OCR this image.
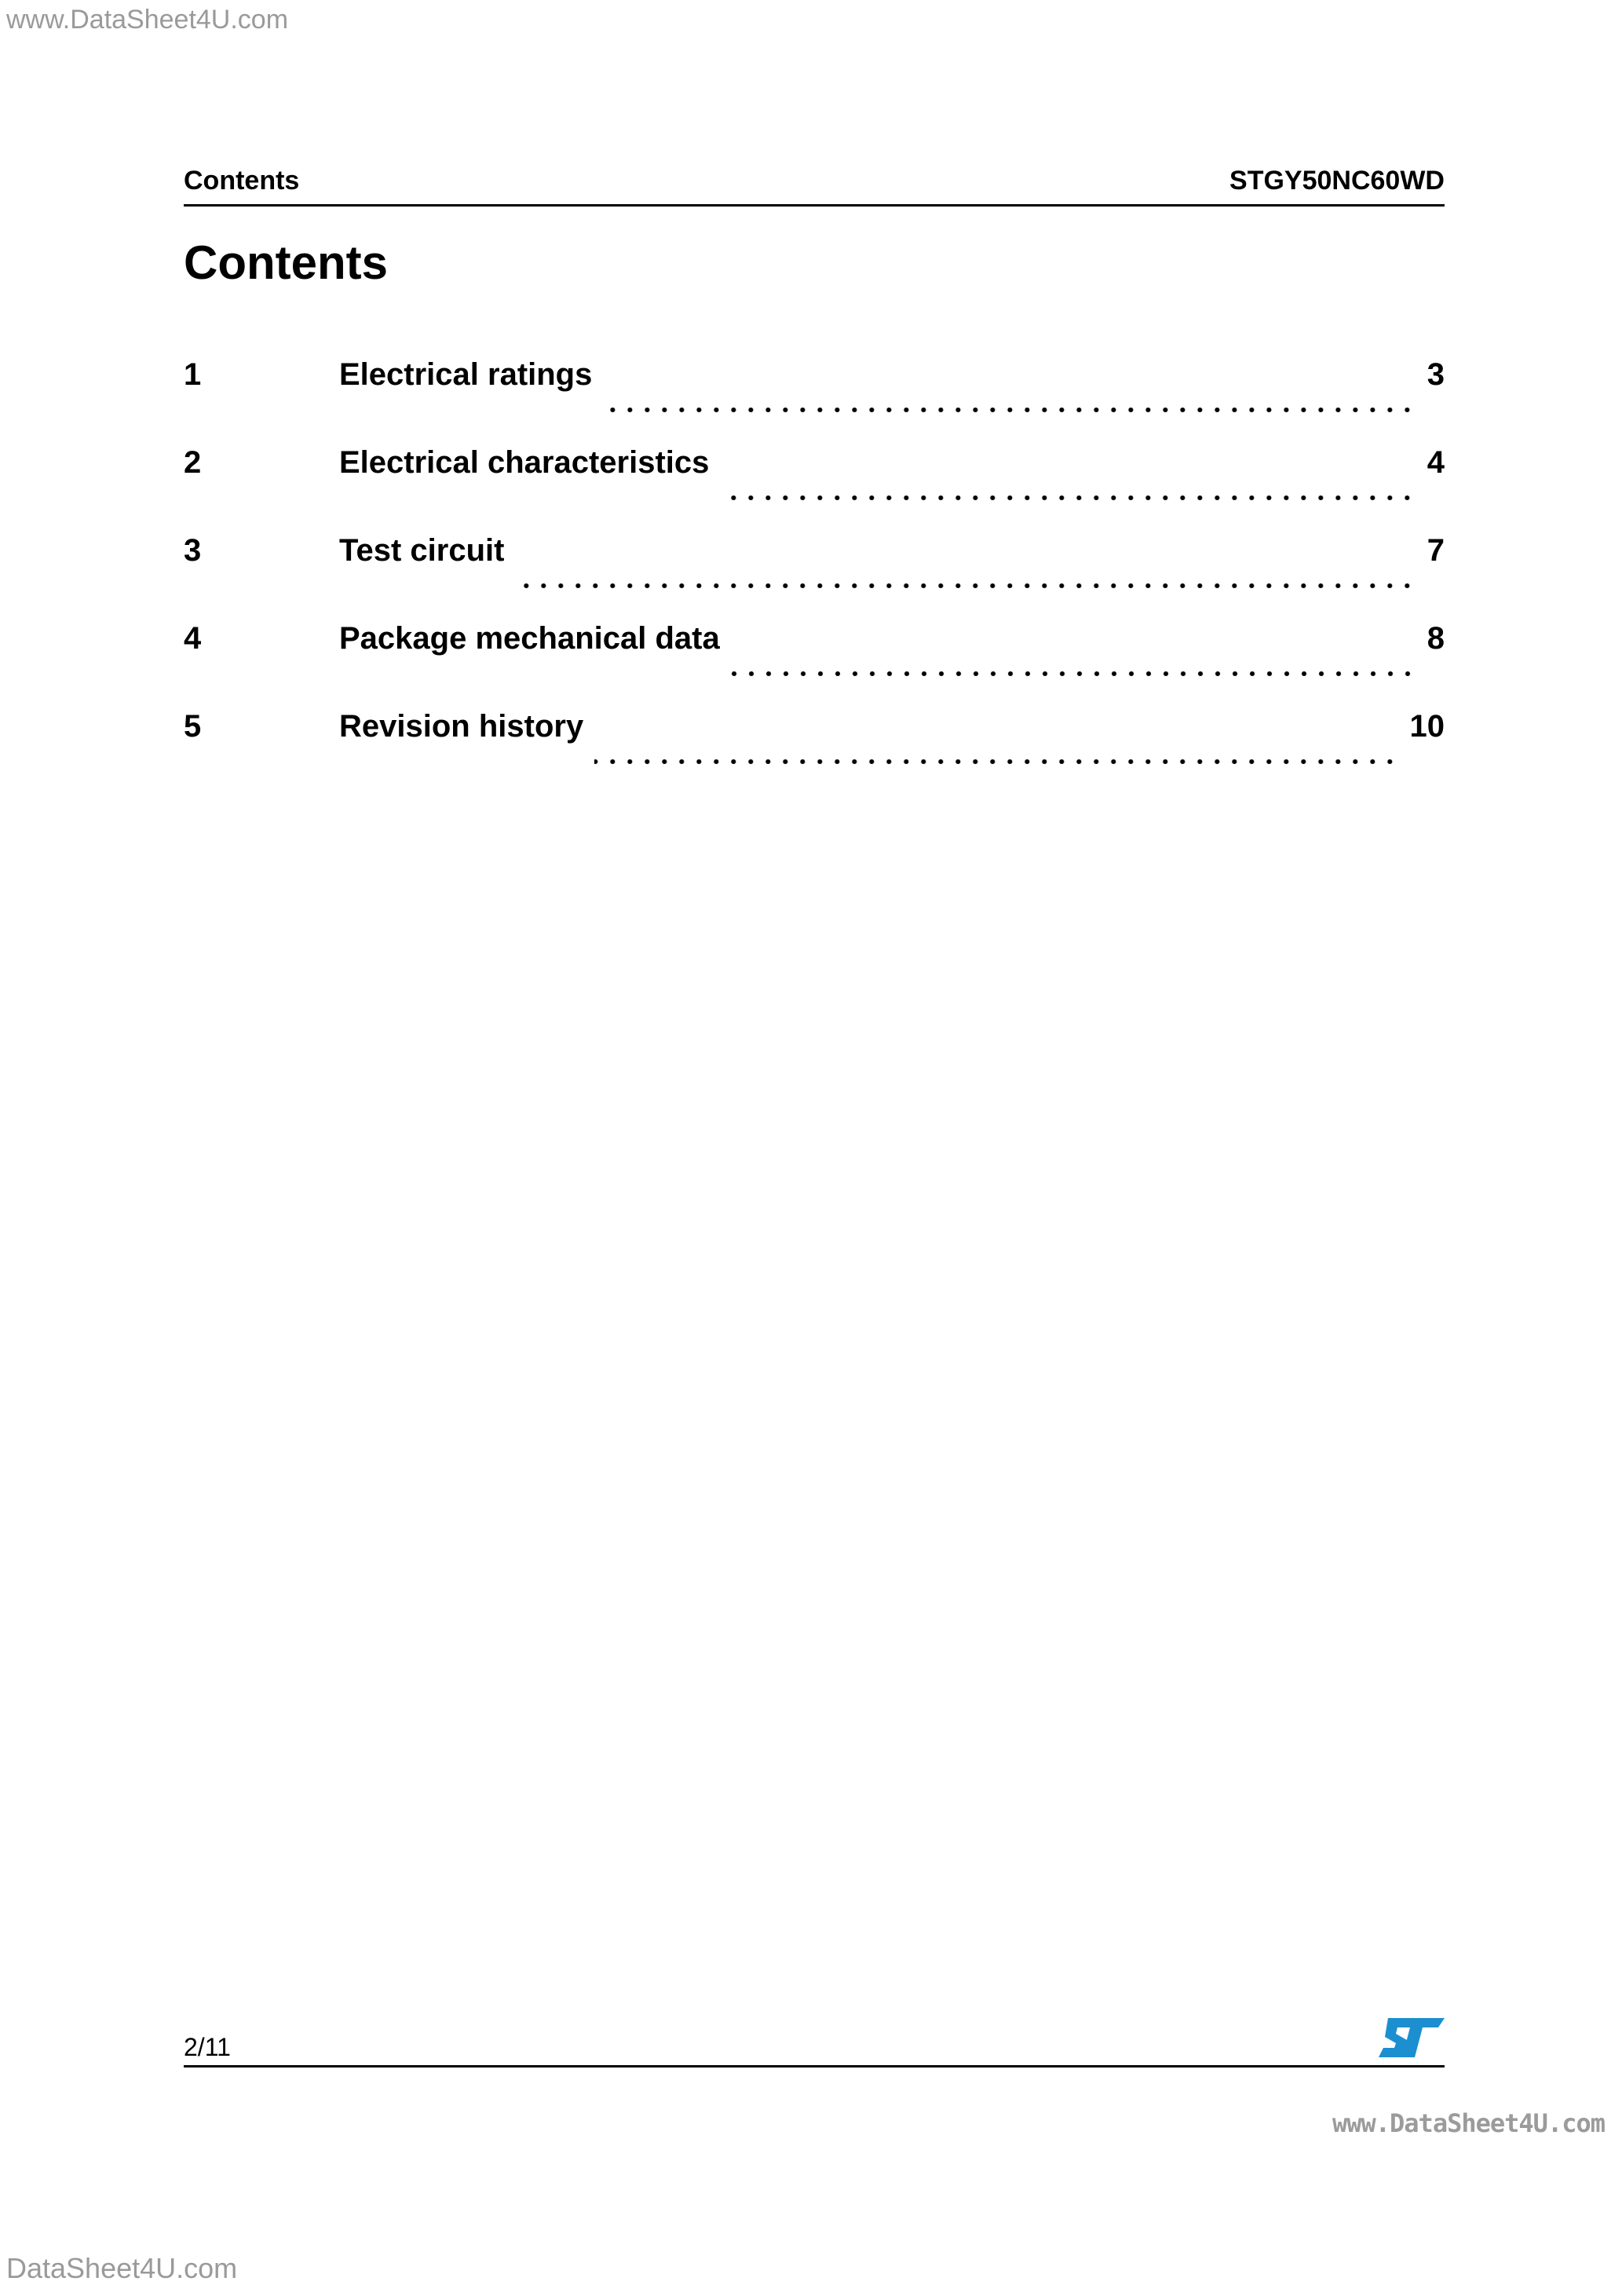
www.DataSheet4U.com
Contents	STGY50NC60WD
Contents
1	Electrical ratings	3
2	Electrical characteristics	4
3	Test circuit	7
4	Package mechanical data	8
5	Revision history	10
2/11
www.DataSheet4U.com
DataSheet4U.com
